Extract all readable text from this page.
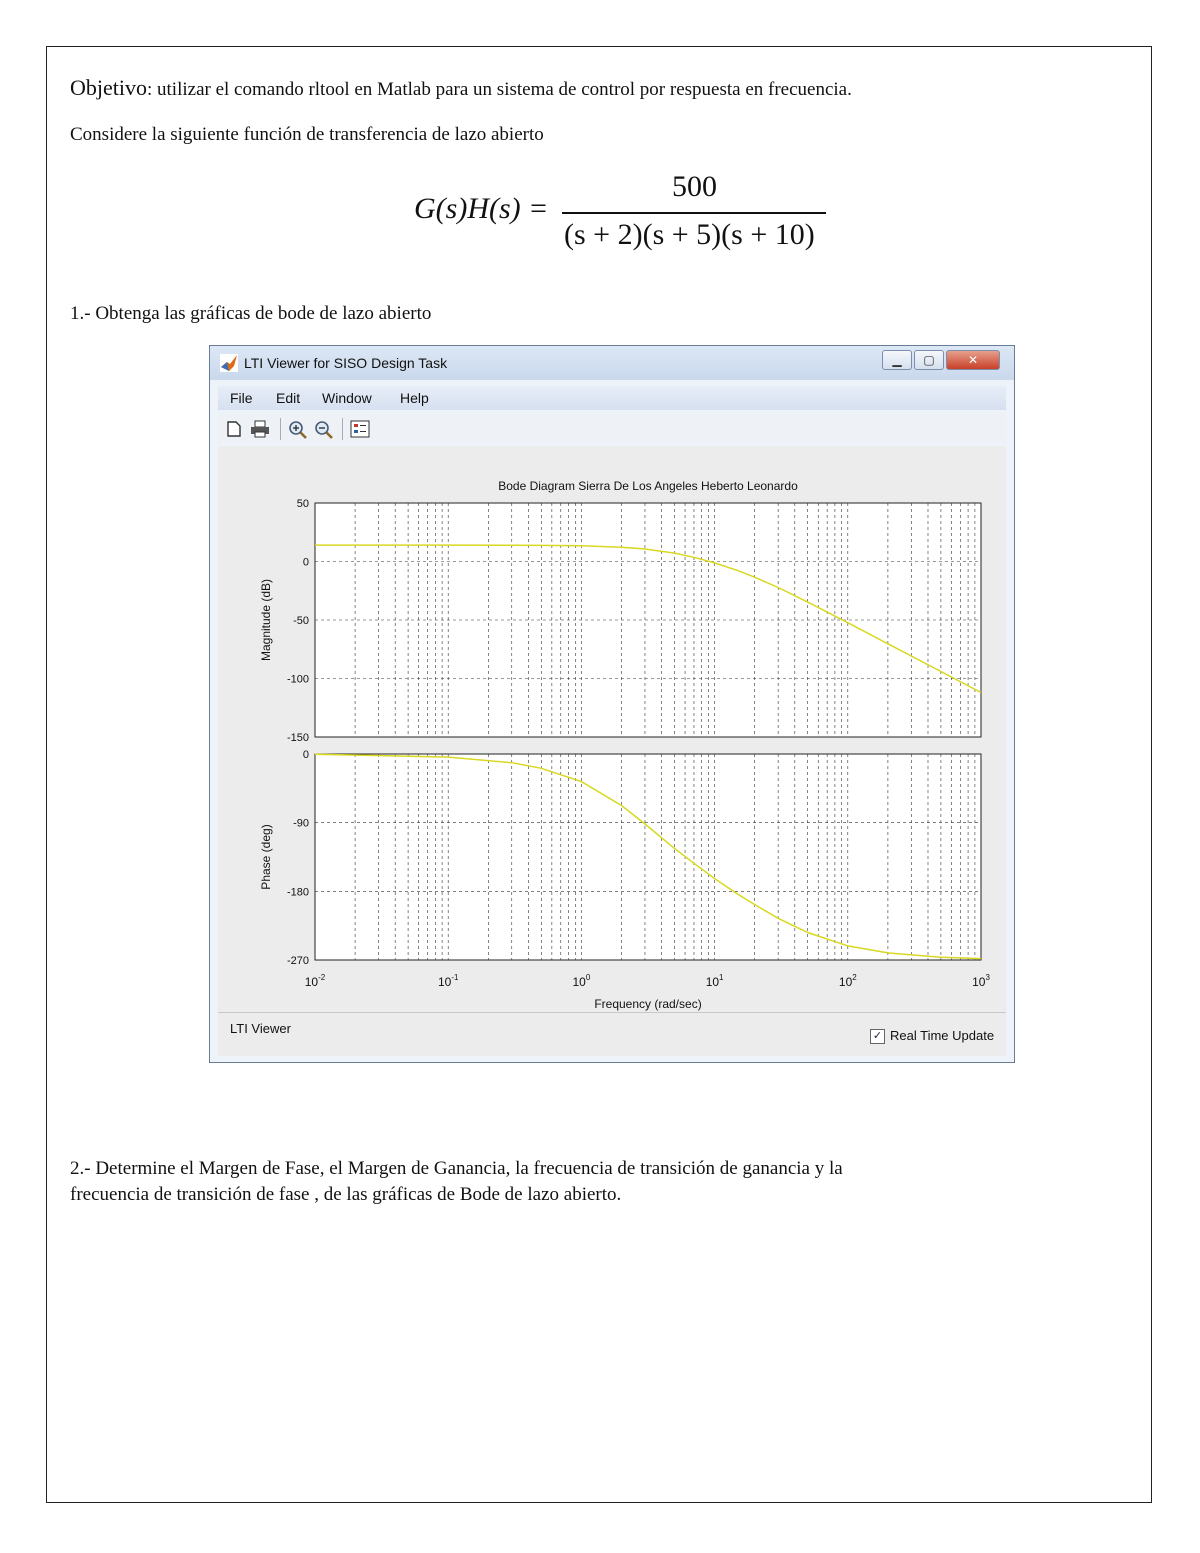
Objetivo: utilizar el comando rltool en Matlab para un sistema de control por respuesta en frecuencia.
Considere la siguiente función de transferencia de lazo abierto
G(s)H(s) =
500
(s + 2)(s + 5)(s + 10)
1.- Obtenga las gráficas de bode de lazo abierto
LTI Viewer for SISO Design Task	▁	▢	✕
File Edit Window Help
Bode Diagram Sierra De Los Angeles Heberto Leonardo
50
0
-50
-100
-150
Magnitude (dB)
0
-90
-180
-270
Phase (deg)
$10^{-2}$	$10^{-1}$	$10^0$	$10^1$	$10^2$	$10^3$
Frequency (rad/sec)
LTI Viewer	✓ Real Time Update
2.- Determine el Margen de Fase, el Margen de Ganancia, la frecuencia de transición de ganancia y la
frecuencia de transición de fase , de las gráficas de Bode de lazo abierto.
